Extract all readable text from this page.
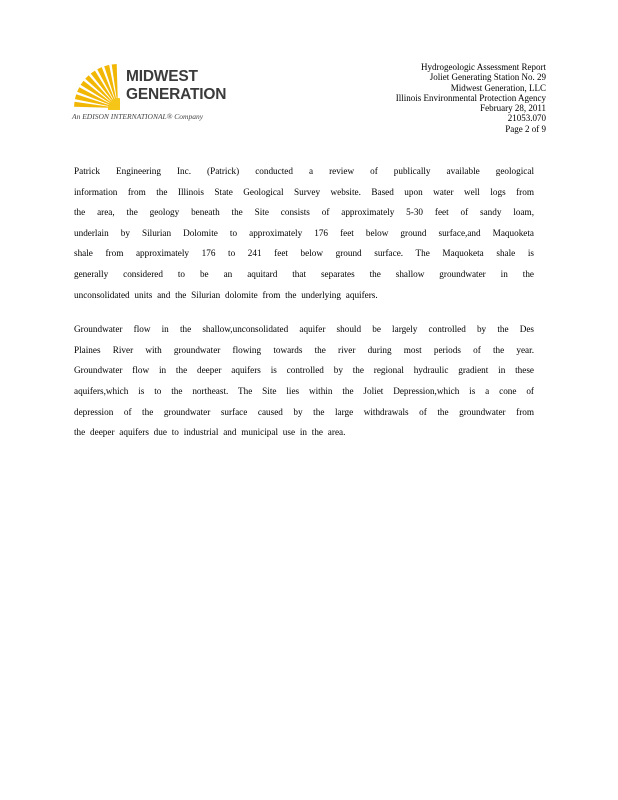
MIDWEST
GENERATION
An EDISON INTERNATIONAL® Company
Hydrogeologic Assessment Report
Joliet Generating Station No. 29
Midwest Generation, LLC
Illinois Environmental Protection Agency
February 28, 2011
21053.070
Page 2 of 9
Patrick Engineering Inc. (Patrick) conducted a review of publically available geological
information from the Illinois State Geological Survey website. Based upon water well logs from
the area, the geology beneath the Site consists of approximately 5-30 feet of sandy loam,
underlain by Silurian Dolomite to approximately 176 feet below ground surface,and Maquoketa
shale from approximately 176 to 241 feet below ground surface. The Maquoketa shale is
generally considered to be an aquitard that separates the shallow groundwater in the
unconsolidated units and the Silurian dolomite from the underlying aquifers.
Groundwater flow in the shallow,unconsolidated aquifer should be largely controlled by the Des
Plaines River with groundwater flowing towards the river during most periods of the year.
Groundwater flow in the deeper aquifers is controlled by the regional hydraulic gradient in these
aquifers,which is to the northeast. The Site lies within the Joliet Depression,which is a cone of
depression of the groundwater surface caused by the large withdrawals of the groundwater from
the deeper aquifers due to industrial and municipal use in the area.
